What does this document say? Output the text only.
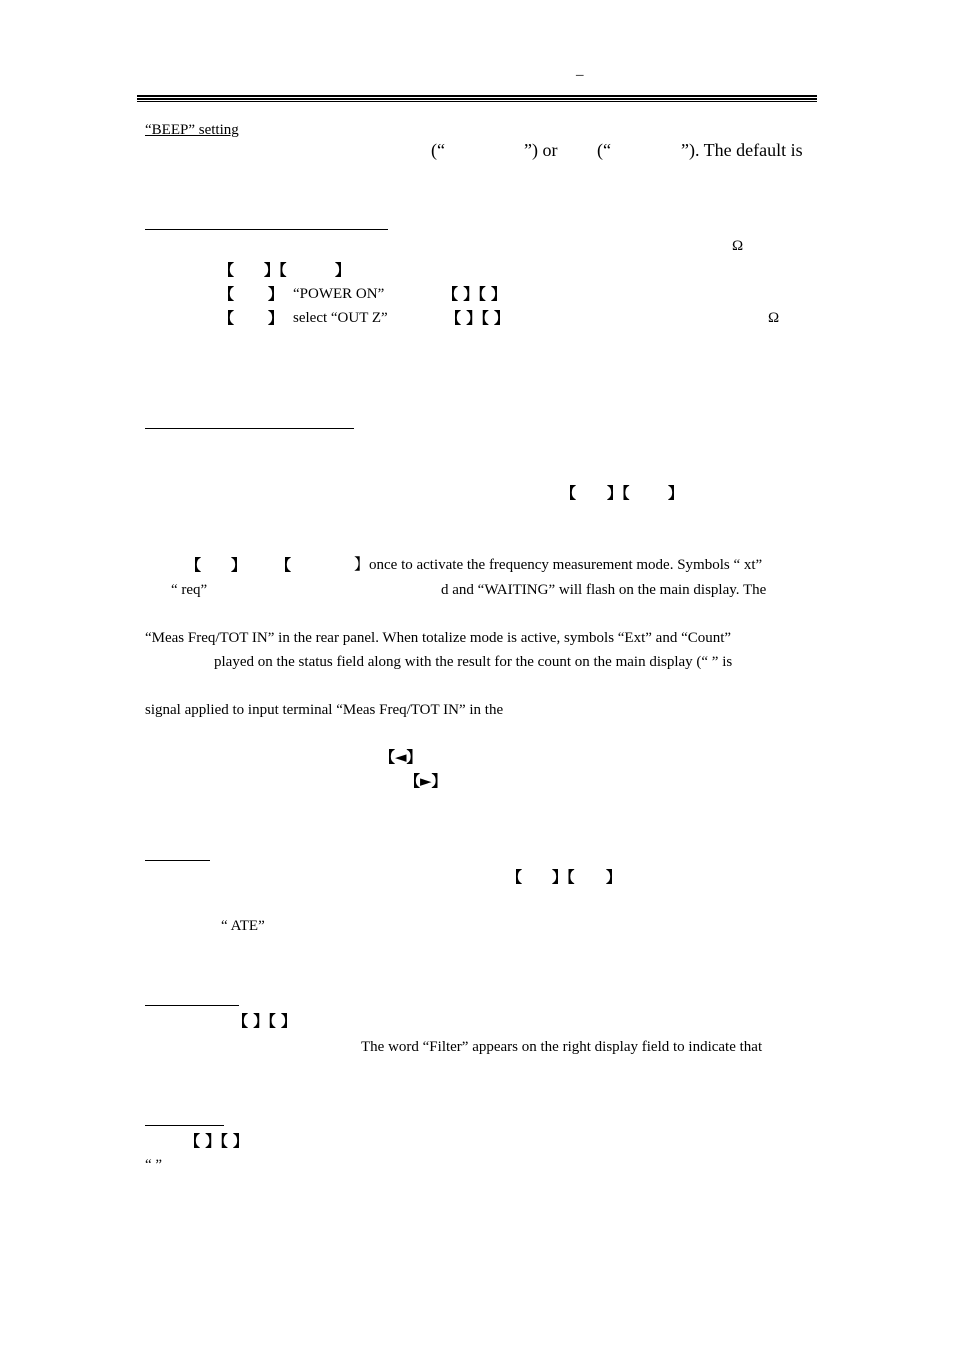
–
“BEEP” setting
(“	”) or (“	”). The default is
Ω
【 】【	】
【 】 “POWER ON”	【 】【 】
【 】 select “OUT Z”	【 】【 】	Ω
【 】【	】
【 】 【	】once to activate the frequency measurement mode. Symbols “ xt”
“ req”	d and “WAITING” will flash on the main display. The
“Meas Freq/TOT IN” in the rear panel. When totalize mode is active, symbols “Ext” and “Count”
played on the status field along with the result for the count on the main display (“ ” is
signal applied to input terminal “Meas Freq/TOT IN” in the
【◄】
【►】
【 】【 】
“ ATE”
【 】【 】
The word “Filter” appears on the right display field to indicate that
【 】【 】
“ ”
